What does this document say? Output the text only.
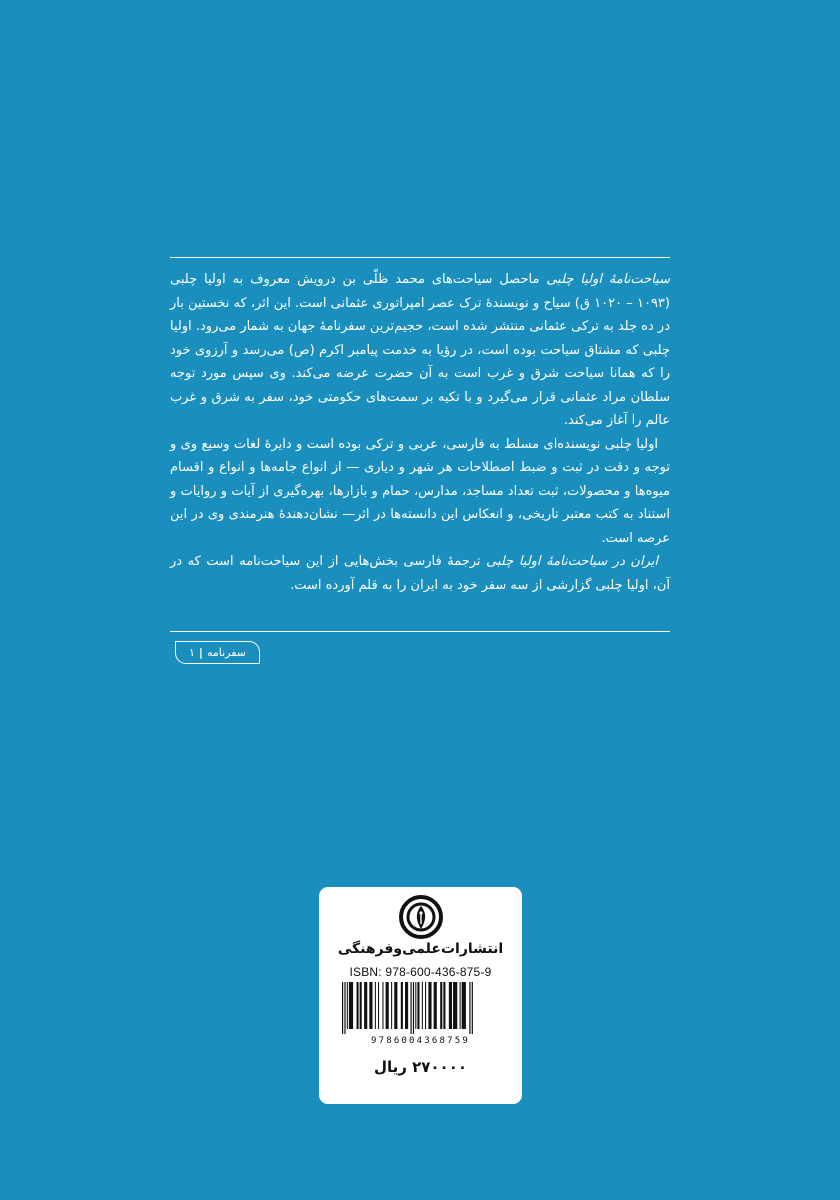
سیاحت‌نامهٔ اولیا چلبی ماحصل سیاحت‌های محمد ظلّی بن درویش معروف به اولیا چلبی (۱۰۹۳ – ۱۰۲۰ ق) سیاح و نویسندهٔ ترک عصر امپراتوری عثمانی است. این اثر، که نخستین بار در ده جلد به ترکی عثمانی منتشر شده است، حجیم‌ترین سفرنامهٔ جهان به شمار می‌رود. اولیا چلبی که مشتاق سیاحت بوده است، در رؤیا به خدمت پیامبر اکرم (ص) می‌رسد و آرزوی خود را که همانا سیاحت شرق و غرب است به آن حضرت عرضه می‌کند. وی سپس مورد توجه سلطان مراد عثمانی قرار می‌گیرد و با تکیه بر سمت‌های حکومتی خود، سفر به شرق و غرب عالم را آغاز می‌کند.

اولیا چلبی نویسنده‌ای مسلط به فارسی، عربی و ترکی بوده است و دایرهٔ لغات وسیع وی و توجه و دقت در ثبت و ضبط اصطلاحات هر شهر و دیاری — از انواع جامه‌ها و انواع و اقسام میوه‌ها و محصولات، ثبت تعداد مساجد، مدارس، حمام و بازارها، بهره‌گیری از آیات و روایات و استناد به کتب معتبر تاریخی، و انعکاس این دانسته‌ها در اثر— نشان‌دهندهٔ هنرمندی وی در این عرصه است.

ایران در سیاحت‌نامهٔ اولیا چلبی ترجمهٔ فارسی بخش‌هایی از این سیاحت‌نامه است که در آن، اولیا چلبی گزارشی از سه سفر خود به ایران را به قلم آورده است.

سفرنامه
|
۱
انتشارات‌علمی‌وفرهنگی
ISBN: 978-600-436-875-9
9786004368759
۲۷۰۰۰۰ ریال
